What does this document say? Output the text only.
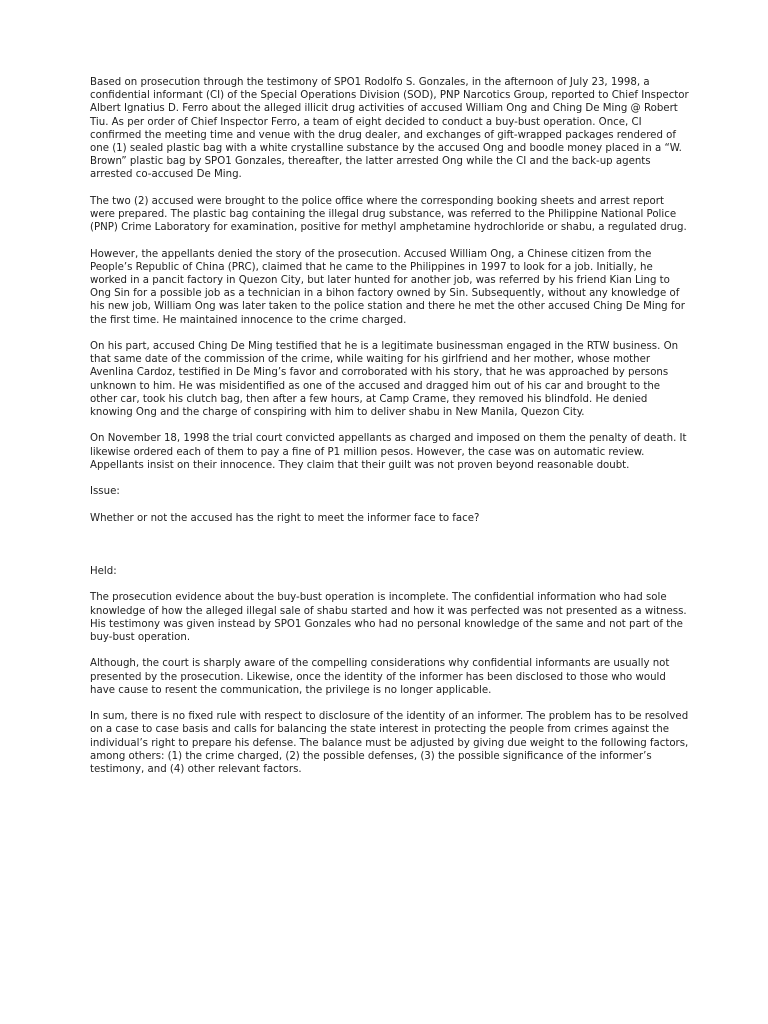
Based on prosecution through the testimony of SPO1 Rodolfo S. Gonzales, in the afternoon of July 23, 1998, a confidential informant (CI) of the Special Operations Division (SOD), PNP Narcotics Group, reported to Chief Inspector Albert Ignatius D. Ferro about the alleged illicit drug activities of accused William Ong and Ching De Ming @ Robert Tiu. As per order of Chief Inspector Ferro, a team of eight decided to conduct a buy-bust operation. Once, CI confirmed the meeting time and venue with the drug dealer, and exchanges of gift-wrapped packages rendered of one (1) sealed plastic bag with a white crystalline substance by the accused Ong and boodle money placed in a “W. Brown” plastic bag by SPO1 Gonzales, thereafter, the latter arrested Ong while the CI and the back-up agents arrested co-accused De Ming.

The two (2) accused were brought to the police office where the corresponding booking sheets and arrest report were prepared. The plastic bag containing the illegal drug substance, was referred to the Philippine National Police (PNP) Crime Laboratory for examination, positive for methyl amphetamine hydrochloride or shabu, a regulated drug.

However, the appellants denied the story of the prosecution. Accused William Ong, a Chinese citizen from the People’s Republic of China (PRC), claimed that he came to the Philippines in 1997 to look for a job. Initially, he worked in a pancit factory in Quezon City, but later hunted for another job, was referred by his friend Kian Ling to Ong Sin for a possible job as a technician in a bihon factory owned by Sin. Subsequently, without any knowledge of his new job, William Ong was later taken to the police station and there he met the other accused Ching De Ming for the first time. He maintained innocence to the crime charged.

On his part, accused Ching De Ming testified that he is a legitimate businessman engaged in the RTW business. On that same date of the commission of the crime, while waiting for his girlfriend and her mother, whose mother Avenlina Cardoz, testified in De Ming’s favor and corroborated with his story, that he was approached by persons unknown to him. He was misidentified as one of the accused and dragged him out of his car and brought to the other car, took his clutch bag, then after a few hours, at Camp Crame, they removed his blindfold. He denied knowing Ong and the charge of conspiring with him to deliver shabu in New Manila, Quezon City.

On November 18, 1998 the trial court convicted appellants as charged and imposed on them the penalty of death. It likewise ordered each of them to pay a fine of P1 million pesos. However, the case was on automatic review. Appellants insist on their innocence. They claim that their guilt was not proven beyond reasonable doubt.

Issue:

Whether or not the accused has the right to meet the informer face to face?

Held:

The prosecution evidence about the buy-bust operation is incomplete. The confidential information who had sole knowledge of how the alleged illegal sale of shabu started and how it was perfected was not presented as a witness. His testimony was given instead by SPO1 Gonzales who had no personal knowledge of the same and not part of the buy-bust operation.

Although, the court is sharply aware of the compelling considerations why confidential informants are usually not presented by the prosecution. Likewise, once the identity of the informer has been disclosed to those who would have cause to resent the communication, the privilege is no longer applicable.

In sum, there is no fixed rule with respect to disclosure of the identity of an informer. The problem has to be resolved on a case to case basis and calls for balancing the state interest in protecting the people from crimes against the individual’s right to prepare his defense. The balance must be adjusted by giving due weight to the following factors, among others: (1) the crime charged, (2) the possible defenses, (3) the possible significance of the informer’s testimony, and (4) other relevant factors.
